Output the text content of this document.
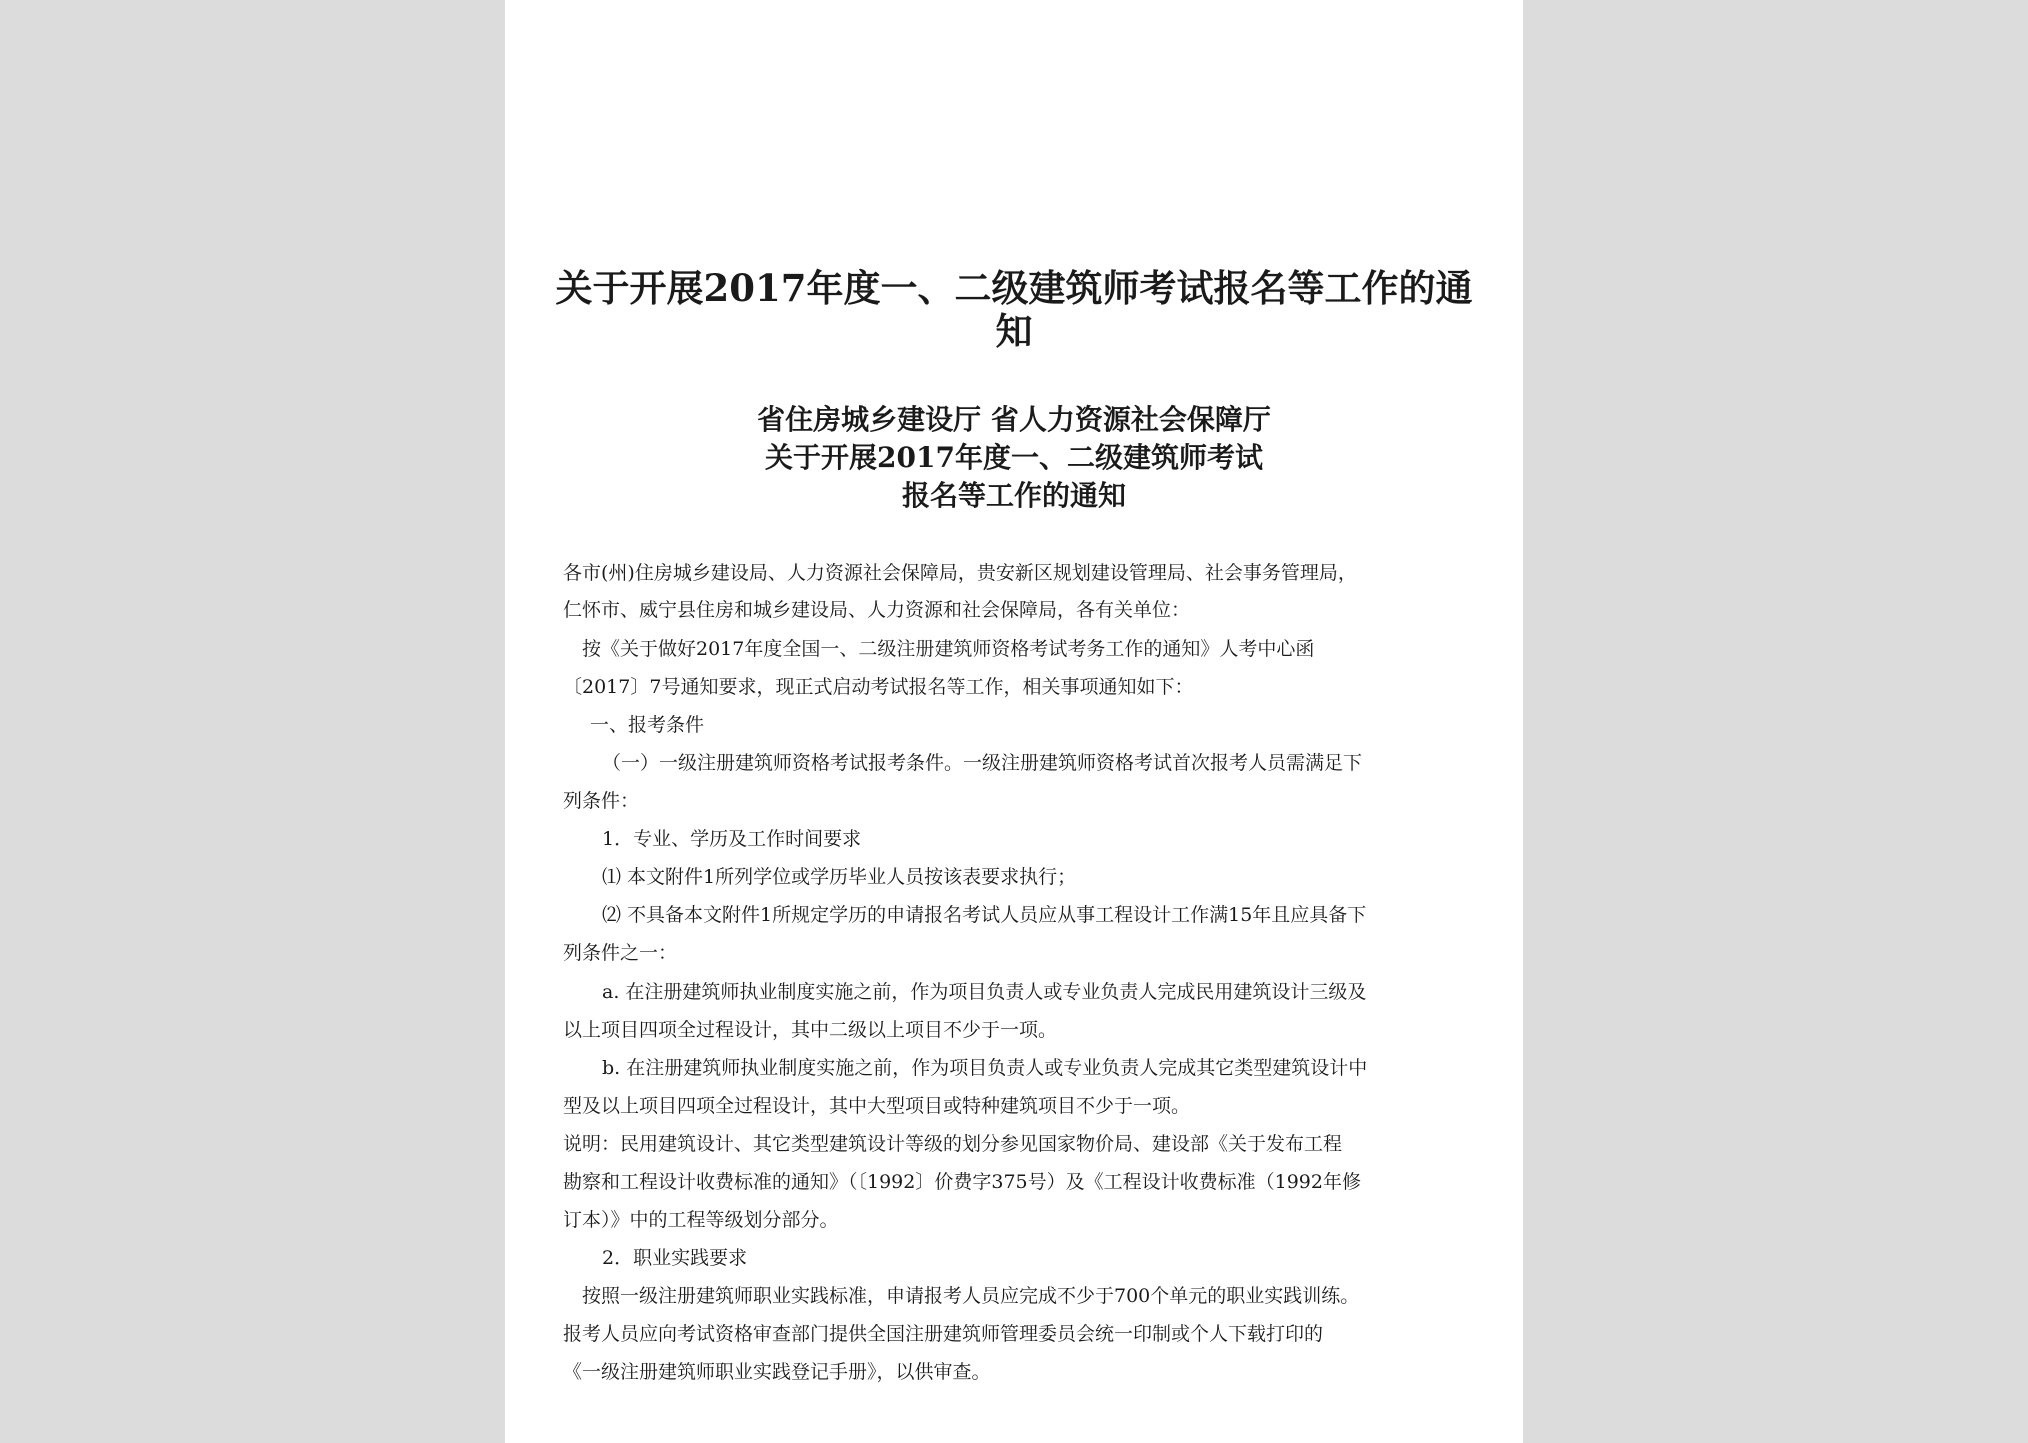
关于开展2017年度一、二级建筑师考试报名等工作的通
知
省住房城乡建设厅 省人力资源社会保障厅
关于开展2017年度一、二级建筑师考试
报名等工作的通知

各市(州)住房城乡建设局、人力资源社会保障局，贵安新区规划建设管理局、社会事务管理局，

仁怀市、威宁县住房和城乡建设局、人力资源和社会保障局，各有关单位：

按《关于做好2017年度全国一、二级注册建筑师资格考试考务工作的通知》人考中心函

〔2017〕7号通知要求，现正式启动考试报名等工作，相关事项通知如下：

一、报考条件

（一）一级注册建筑师资格考试报考条件。一级注册建筑师资格考试首次报考人员需满足下

列条件：

1．专业、学历及工作时间要求

⑴ 本文附件1所列学位或学历毕业人员按该表要求执行；

⑵ 不具备本文附件1所规定学历的申请报名考试人员应从事工程设计工作满15年且应具备下

列条件之一：

a. 在注册建筑师执业制度实施之前，作为项目负责人或专业负责人完成民用建筑设计三级及

以上项目四项全过程设计，其中二级以上项目不少于一项。

b. 在注册建筑师执业制度实施之前，作为项目负责人或专业负责人完成其它类型建筑设计中

型及以上项目四项全过程设计，其中大型项目或特种建筑项目不少于一项。

说明：民用建筑设计、其它类型建筑设计等级的划分参见国家物价局、建设部《关于发布工程

勘察和工程设计收费标准的通知》（〔1992〕价费字375号）及《工程设计收费标准（1992年修

订本）》中的工程等级划分部分。

2．职业实践要求

按照一级注册建筑师职业实践标准，申请报考人员应完成不少于700个单元的职业实践训练。

报考人员应向考试资格审查部门提供全国注册建筑师管理委员会统一印制或个人下载打印的

《一级注册建筑师职业实践登记手册》，以供审查。
